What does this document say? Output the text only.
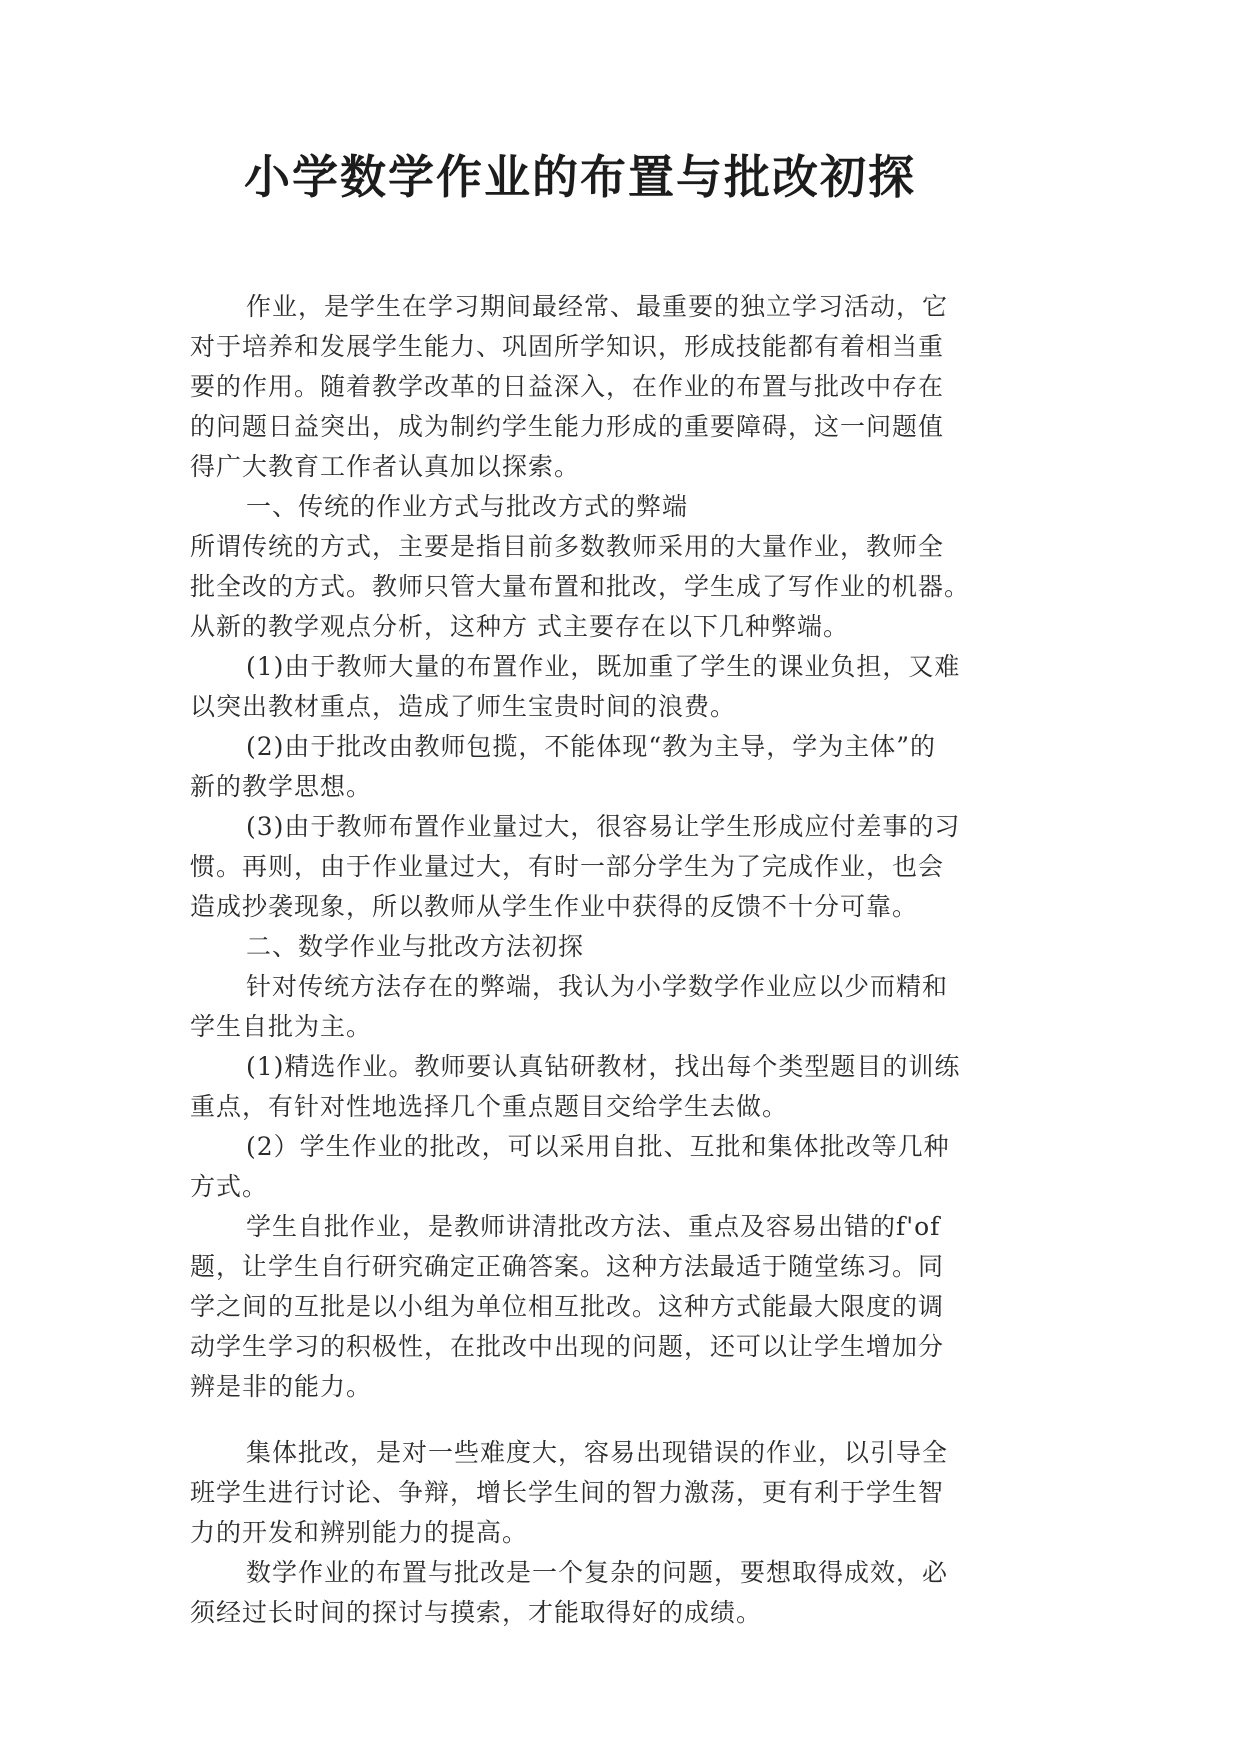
小学数学作业的布置与批改初探
作业，是学生在学习期间最经常、最重要的独立学习活动，它
对于培养和发展学生能力、巩固所学知识，形成技能都有着相当重
要的作用。随着教学改革的日益深入，在作业的布置与批改中存在
的问题日益突出，成为制约学生能力形成的重要障碍，这一问题值
得广大教育工作者认真加以探索。
一、传统的作业方式与批改方式的弊端
所谓传统的方式，主要是指目前多数教师采用的大量作业，教师全
批全改的方式。教师只管大量布置和批改，学生成了写作业的机器。
从新的教学观点分析，这种方 式主要存在以下几种弊端。
(1)由于教师大量的布置作业，既加重了学生的课业负担，又难
以突出教材重点，造成了师生宝贵时间的浪费。
(2)由于批改由教师包揽，不能体现“教为主导，学为主体”的
新的教学思想。
(3)由于教师布置作业量过大，很容易让学生形成应付差事的习
惯。再则，由于作业量过大，有时一部分学生为了完成作业，也会
造成抄袭现象，所以教师从学生作业中获得的反馈不十分可靠。
二、数学作业与批改方法初探
针对传统方法存在的弊端，我认为小学数学作业应以少而精和
学生自批为主。
(1)精选作业。教师要认真钻研教材，找出每个类型题目的训练
重点，有针对性地选择几个重点题目交给学生去做。
(2）学生作业的批改，可以采用自批、互批和集体批改等几种
方式。
学生自批作业，是教师讲清批改方法、重点及容易出错的f'of
题，让学生自行研究确定正确答案。这种方法最适于随堂练习。同
学之间的互批是以小组为单位相互批改。这种方式能最大限度的调
动学生学习的积极性，在批改中出现的问题，还可以让学生增加分
辨是非的能力。
集体批改，是对一些难度大，容易出现错误的作业，以引导全
班学生进行讨论、争辩，增长学生间的智力激荡，更有利于学生智
力的开发和辨别能力的提高。
数学作业的布置与批改是一个复杂的问题，要想取得成效，必
须经过长时间的探讨与摸索，才能取得好的成绩。
